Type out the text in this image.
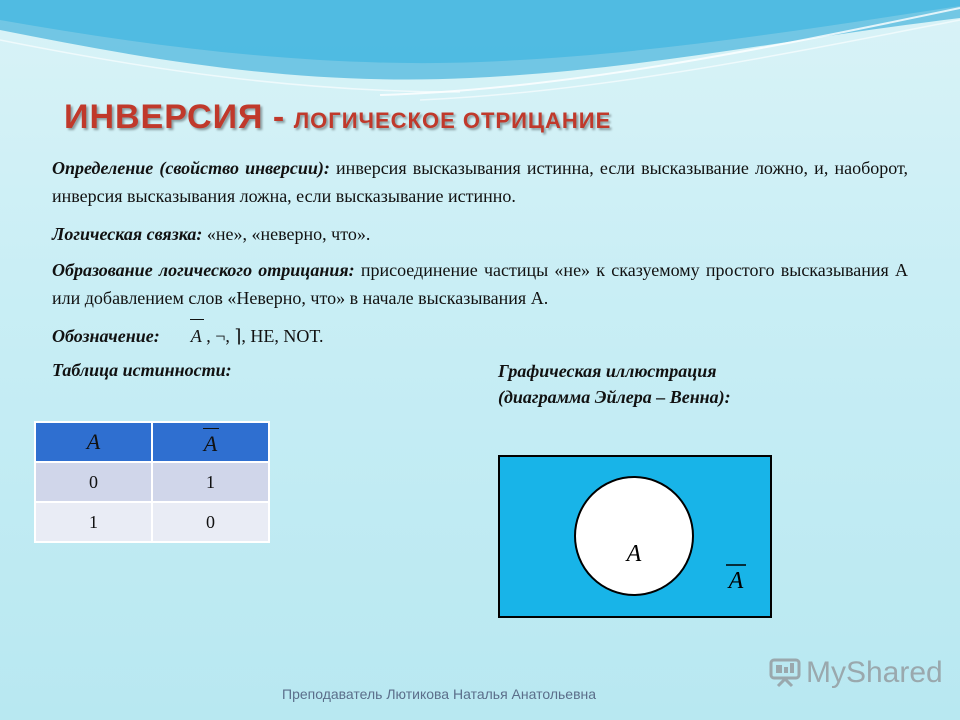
ИНВЕРСИЯ - ЛОГИЧЕСКОЕ ОТРИЦАНИЕ
Определение (свойство инверсии): инверсия высказывания истинна, если высказывание ложно, и, наоборот, инверсия высказывания ложна, если высказывание истинно.
Логическая связка: «не», «неверно, что».
Образование логического отрицания: присоединение частицы «не» к сказуемому простого высказывания А или добавлением слов «Неверно, что» в начале высказывания А.
Обозначение: A , ¬, ⌉, НЕ, NOT.
Таблица истинности:	Графическая иллюстрация
(диаграмма Эйлера – Венна):
A	A
0	1
1	0
A
A
Преподаватель Лютикова Наталья Анатольевна
MyShared
